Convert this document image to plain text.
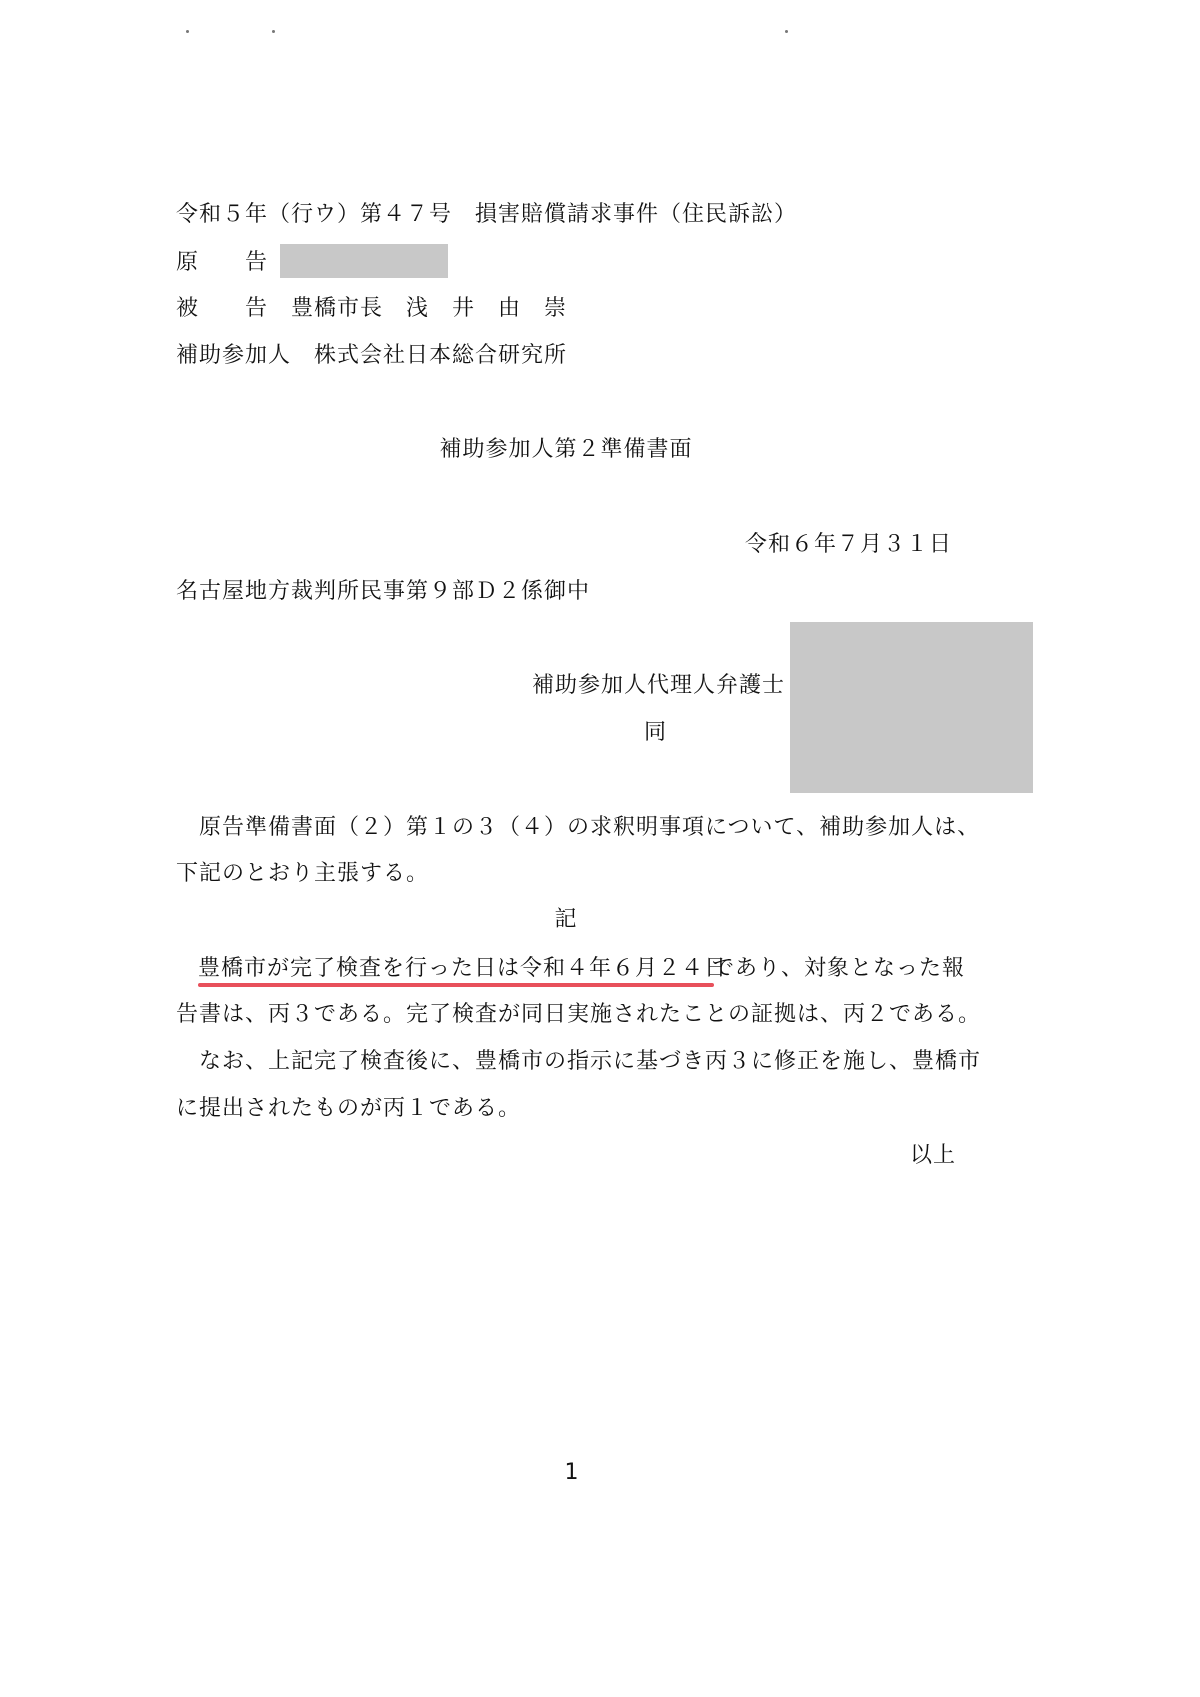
令和５年（行ウ）第４７号　損害賠償請求事件（住民訴訟）
原　　告
被　　告　豊橋市長　浅　井　由　崇
補助参加人　株式会社日本総合研究所
補助参加人第２準備書面
令和６年７月３１日
名古屋地方裁判所民事第９部Ｄ２係御中
補助参加人代理人弁護士
同
　原告準備書面（２）第１の３（４）の求釈明事項について、補助参加人は、
下記のとおり主張する。
記
豊橋市が完了検査を行った日は令和４年６月２４日
であり、対象となった報
告書は、丙３である。完了検査が同日実施されたことの証拠は、丙２である。
　なお、上記完了検査後に、豊橋市の指示に基づき丙３に修正を施し、豊橋市
に提出されたものが丙１である。
以上
1
